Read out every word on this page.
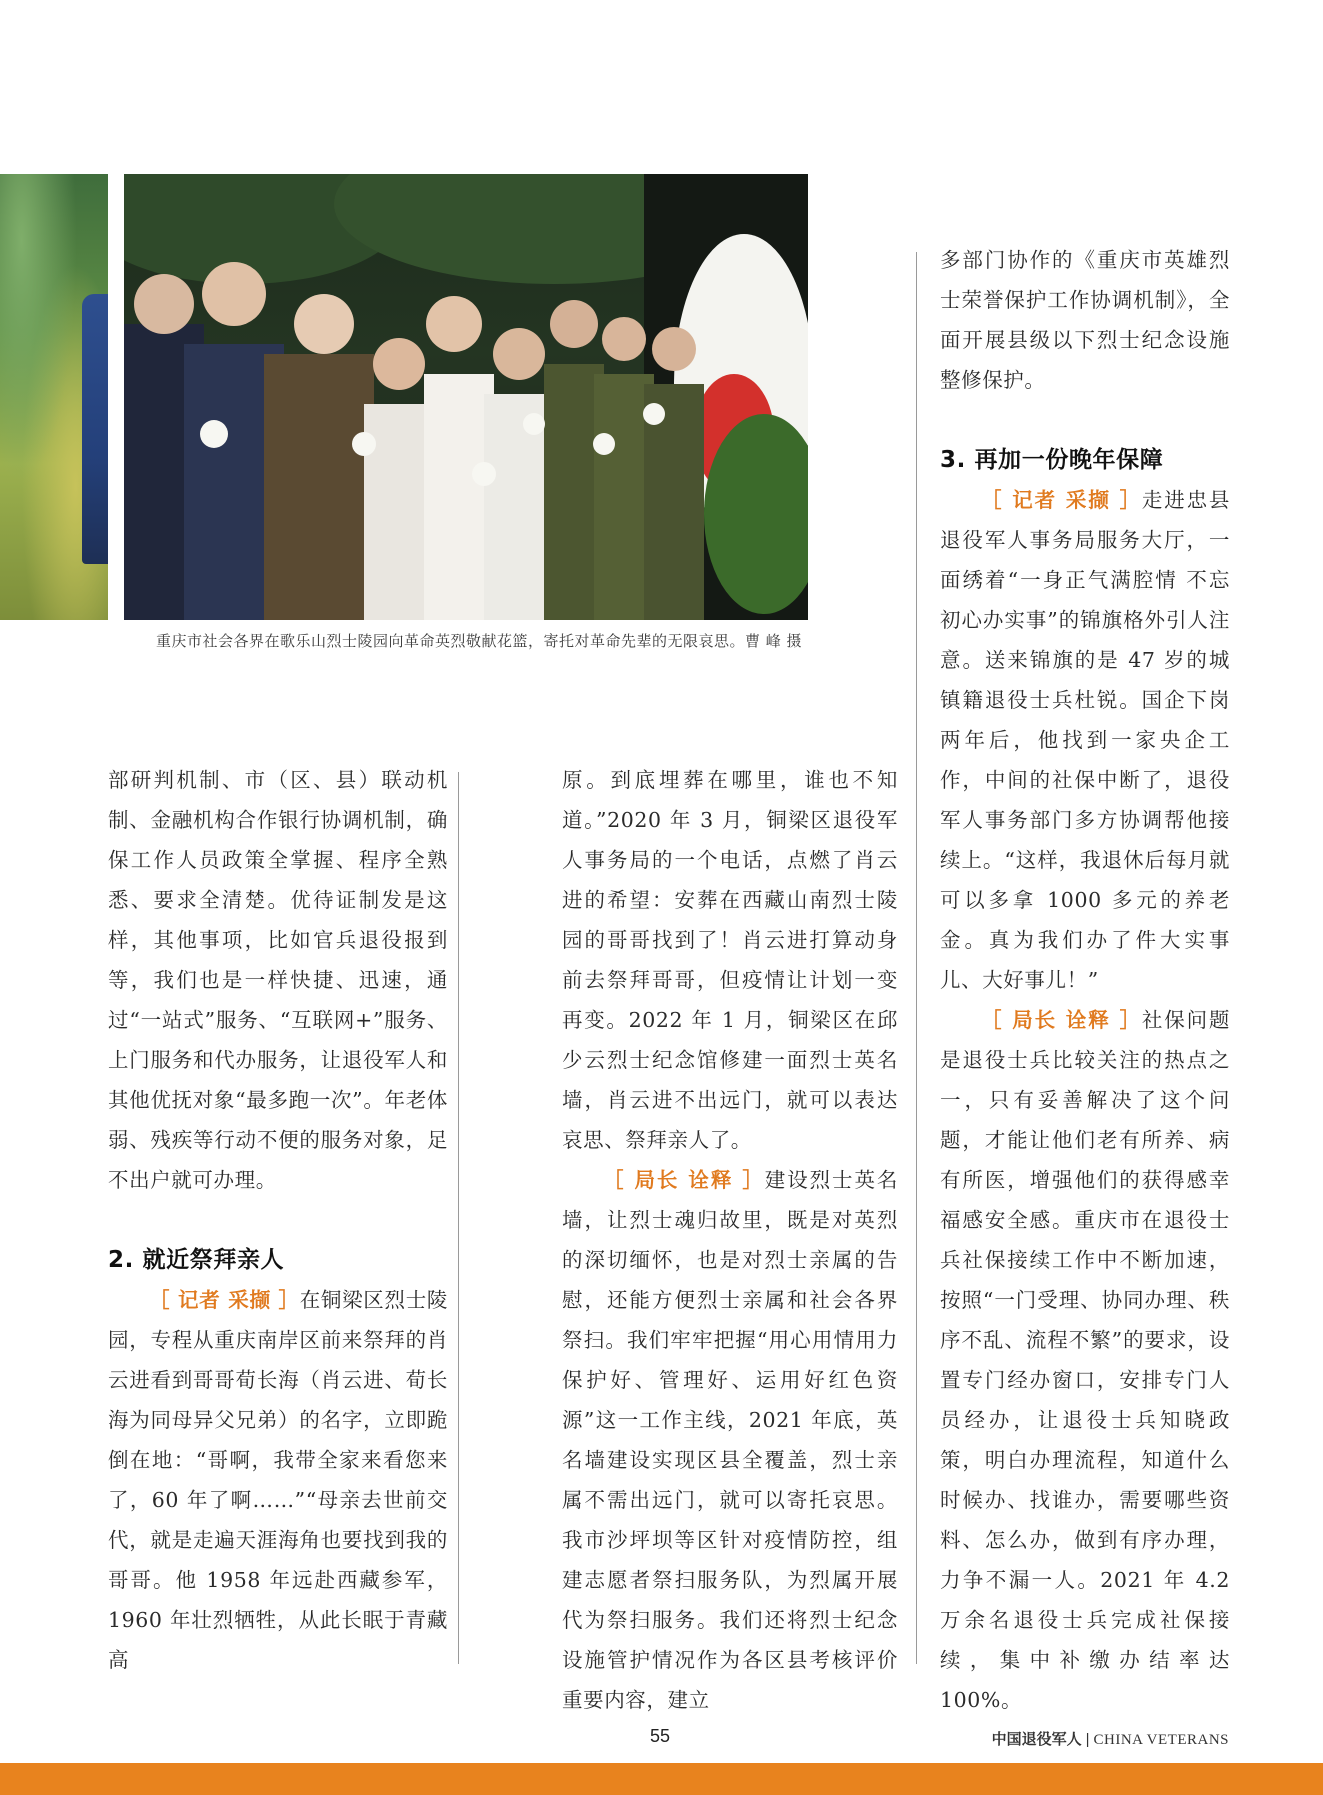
重庆市社会各界在歌乐山烈士陵园向革命英烈敬献花篮，寄托对革命先辈的无限哀思。曹 峰 摄

部研判机制、市（区、县）联动机制、金融机构合作银行协调机制，确保工作人员政策全掌握、程序全熟悉、要求全清楚。优待证制发是这样，其他事项，比如官兵退役报到等，我们也是一样快捷、迅速，通过“一站式”服务、“互联网+”服务、上门服务和代办服务，让退役军人和其他优抚对象“最多跑一次”。年老体弱、残疾等行动不便的服务对象，足不出户就可办理。

2. 就近祭拜亲人

［ 记者 采撷 ］在铜梁区烈士陵园，专程从重庆南岸区前来祭拜的肖云进看到哥哥荀长海（肖云进、荀长海为同母异父兄弟）的名字，立即跪倒在地：“哥啊，我带全家来看您来了，60 年了啊……”“母亲去世前交代，就是走遍天涯海角也要找到我的哥哥。他 1958 年远赴西藏参军，1960 年壮烈牺牲，从此长眠于青藏高

原。到底埋葬在哪里，谁也不知道。”2020 年 3 月，铜梁区退役军人事务局的一个电话，点燃了肖云进的希望：安葬在西藏山南烈士陵园的哥哥找到了！肖云进打算动身前去祭拜哥哥，但疫情让计划一变再变。2022 年 1 月，铜梁区在邱少云烈士纪念馆修建一面烈士英名墙，肖云进不出远门，就可以表达哀思、祭拜亲人了。

［ 局长 诠释 ］建设烈士英名墙，让烈士魂归故里，既是对英烈的深切缅怀，也是对烈士亲属的告慰，还能方便烈士亲属和社会各界祭扫。我们牢牢把握“用心用情用力保护好、管理好、运用好红色资源”这一工作主线，2021 年底，英名墙建设实现区县全覆盖，烈士亲属不需出远门，就可以寄托哀思。我市沙坪坝等区针对疫情防控，组建志愿者祭扫服务队，为烈属开展代为祭扫服务。我们还将烈士纪念设施管护情况作为各区县考核评价重要内容，建立

多部门协作的《重庆市英雄烈士荣誉保护工作协调机制》，全面开展县级以下烈士纪念设施整修保护。

3. 再加一份晚年保障

［ 记者 采撷 ］走进忠县退役军人事务局服务大厅，一面绣着“一身正气满腔情 不忘初心办实事”的锦旗格外引人注意。送来锦旗的是 47 岁的城镇籍退役士兵杜锐。国企下岗两年后，他找到一家央企工作，中间的社保中断了，退役军人事务部门多方协调帮他接续上。“这样，我退休后每月就可以多拿 1000 多元的养老金。真为我们办了件大实事儿、大好事儿！”

［ 局长 诠释 ］社保问题是退役士兵比较关注的热点之一，只有妥善解决了这个问题，才能让他们老有所养、病有所医，增强他们的获得感幸福感安全感。重庆市在退役士兵社保接续工作中不断加速，按照“一门受理、协同办理、秩序不乱、流程不繁”的要求，设置专门经办窗口，安排专门人员经办，让退役士兵知晓政策，明白办理流程，知道什么时候办、找谁办，需要哪些资料、怎么办，做到有序办理，力争不漏一人。2021 年 4.2 万余名退役士兵完成社保接续，集中补缴办结率达 100%。

55	中国退役军人 | CHINA VETERANS
